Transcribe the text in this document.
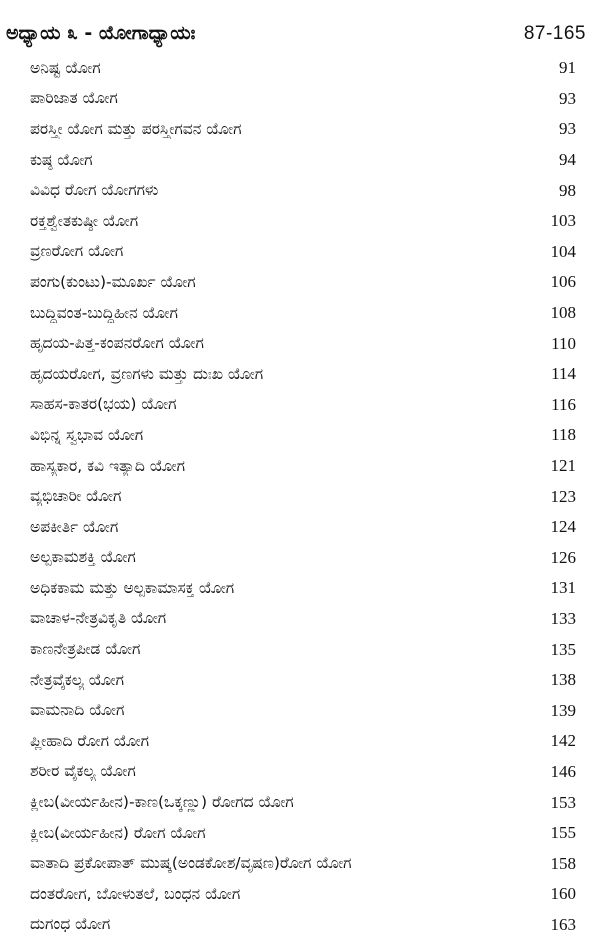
ಅಧ್ಯಾಯ ೩ - ಯೋಗಾಧ್ಯಾಯಃ	87-165
ಅನಿಷ್ಟ ಯೋಗ	91
ಪಾರಿಜಾತ ಯೋಗ	93
ಪರಸ್ತ್ರೀ ಯೋಗ ಮತ್ತು ಪರಸ್ತ್ರೀಗವನ ಯೋಗ	93
ಕುಷ್ಠ ಯೋಗ	94
ವಿವಿಧ ರೋಗ ಯೋಗಗಳು	98
ರಕ್ತಶ್ವೇತಕುಷ್ಠೀ ಯೋಗ	103
ವ್ರಣರೋಗ ಯೋಗ	104
ಪಂಗು(ಕುಂಟು)-ಮೂರ್ಖ ಯೋಗ	106
ಬುದ್ಧಿವಂತ-ಬುದ್ಧಿಹೀನ ಯೋಗ	108
ಹೃದಯ-ಪಿತ್ತ-ಕಂಪನರೋಗ ಯೋಗ	110
ಹೃದಯರೋಗ, ವ್ರಣಗಳು ಮತ್ತು ದುಃಖ ಯೋಗ	114
ಸಾಹಸ-ಕಾತರ(ಭಯ) ಯೋಗ	116
ವಿಭಿನ್ನ ಸ್ವಭಾವ ಯೋಗ	118
ಹಾಸ್ಯಕಾರ, ಕವಿ ಇತ್ಯಾದಿ ಯೋಗ	121
ವ್ಯಭಿಚಾರೀ ಯೋಗ	123
ಅಪಕೀರ್ತಿ ಯೋಗ	124
ಅಲ್ಪಕಾಮಶಕ್ತಿ ಯೋಗ	126
ಅಧಿಕಕಾಮ ಮತ್ತು ಅಲ್ಪಕಾಮಾಸಕ್ತ ಯೋಗ	131
ವಾಚಾಳ-ನೇತ್ರವಿಕೃತಿ ಯೋಗ	133
ಕಾಣನೇತ್ರಪೀಡ ಯೋಗ	135
ನೇತ್ರವೈಕಲ್ಯ ಯೋಗ	138
ವಾಮನಾದಿ ಯೋಗ	139
ಪ್ಲೀಹಾದಿ ರೋಗ ಯೋಗ	142
ಶರೀರ ವೈಕಲ್ಯ ಯೋಗ	146
ಕ್ಲೀಬ(ವೀರ್ಯಹೀನ)-ಕಾಣ(ಒಕ್ಕಣ್ಣು) ರೋಗದ ಯೋಗ	153
ಕ್ಲೀಬ(ವೀರ್ಯಹೀನ) ರೋಗ ಯೋಗ	155
ವಾತಾದಿ ಪ್ರಕೋಪಾತ್ ಮುಷ್ಕ(ಅಂಡಕೋಶ/ವೃಷಣ)ರೋಗ ಯೋಗ	158
ದಂತರೋಗ, ಬೋಳುತಲೆ, ಬಂಧನ ಯೋಗ	160
ದುಗಂಧ ಯೋಗ	163
